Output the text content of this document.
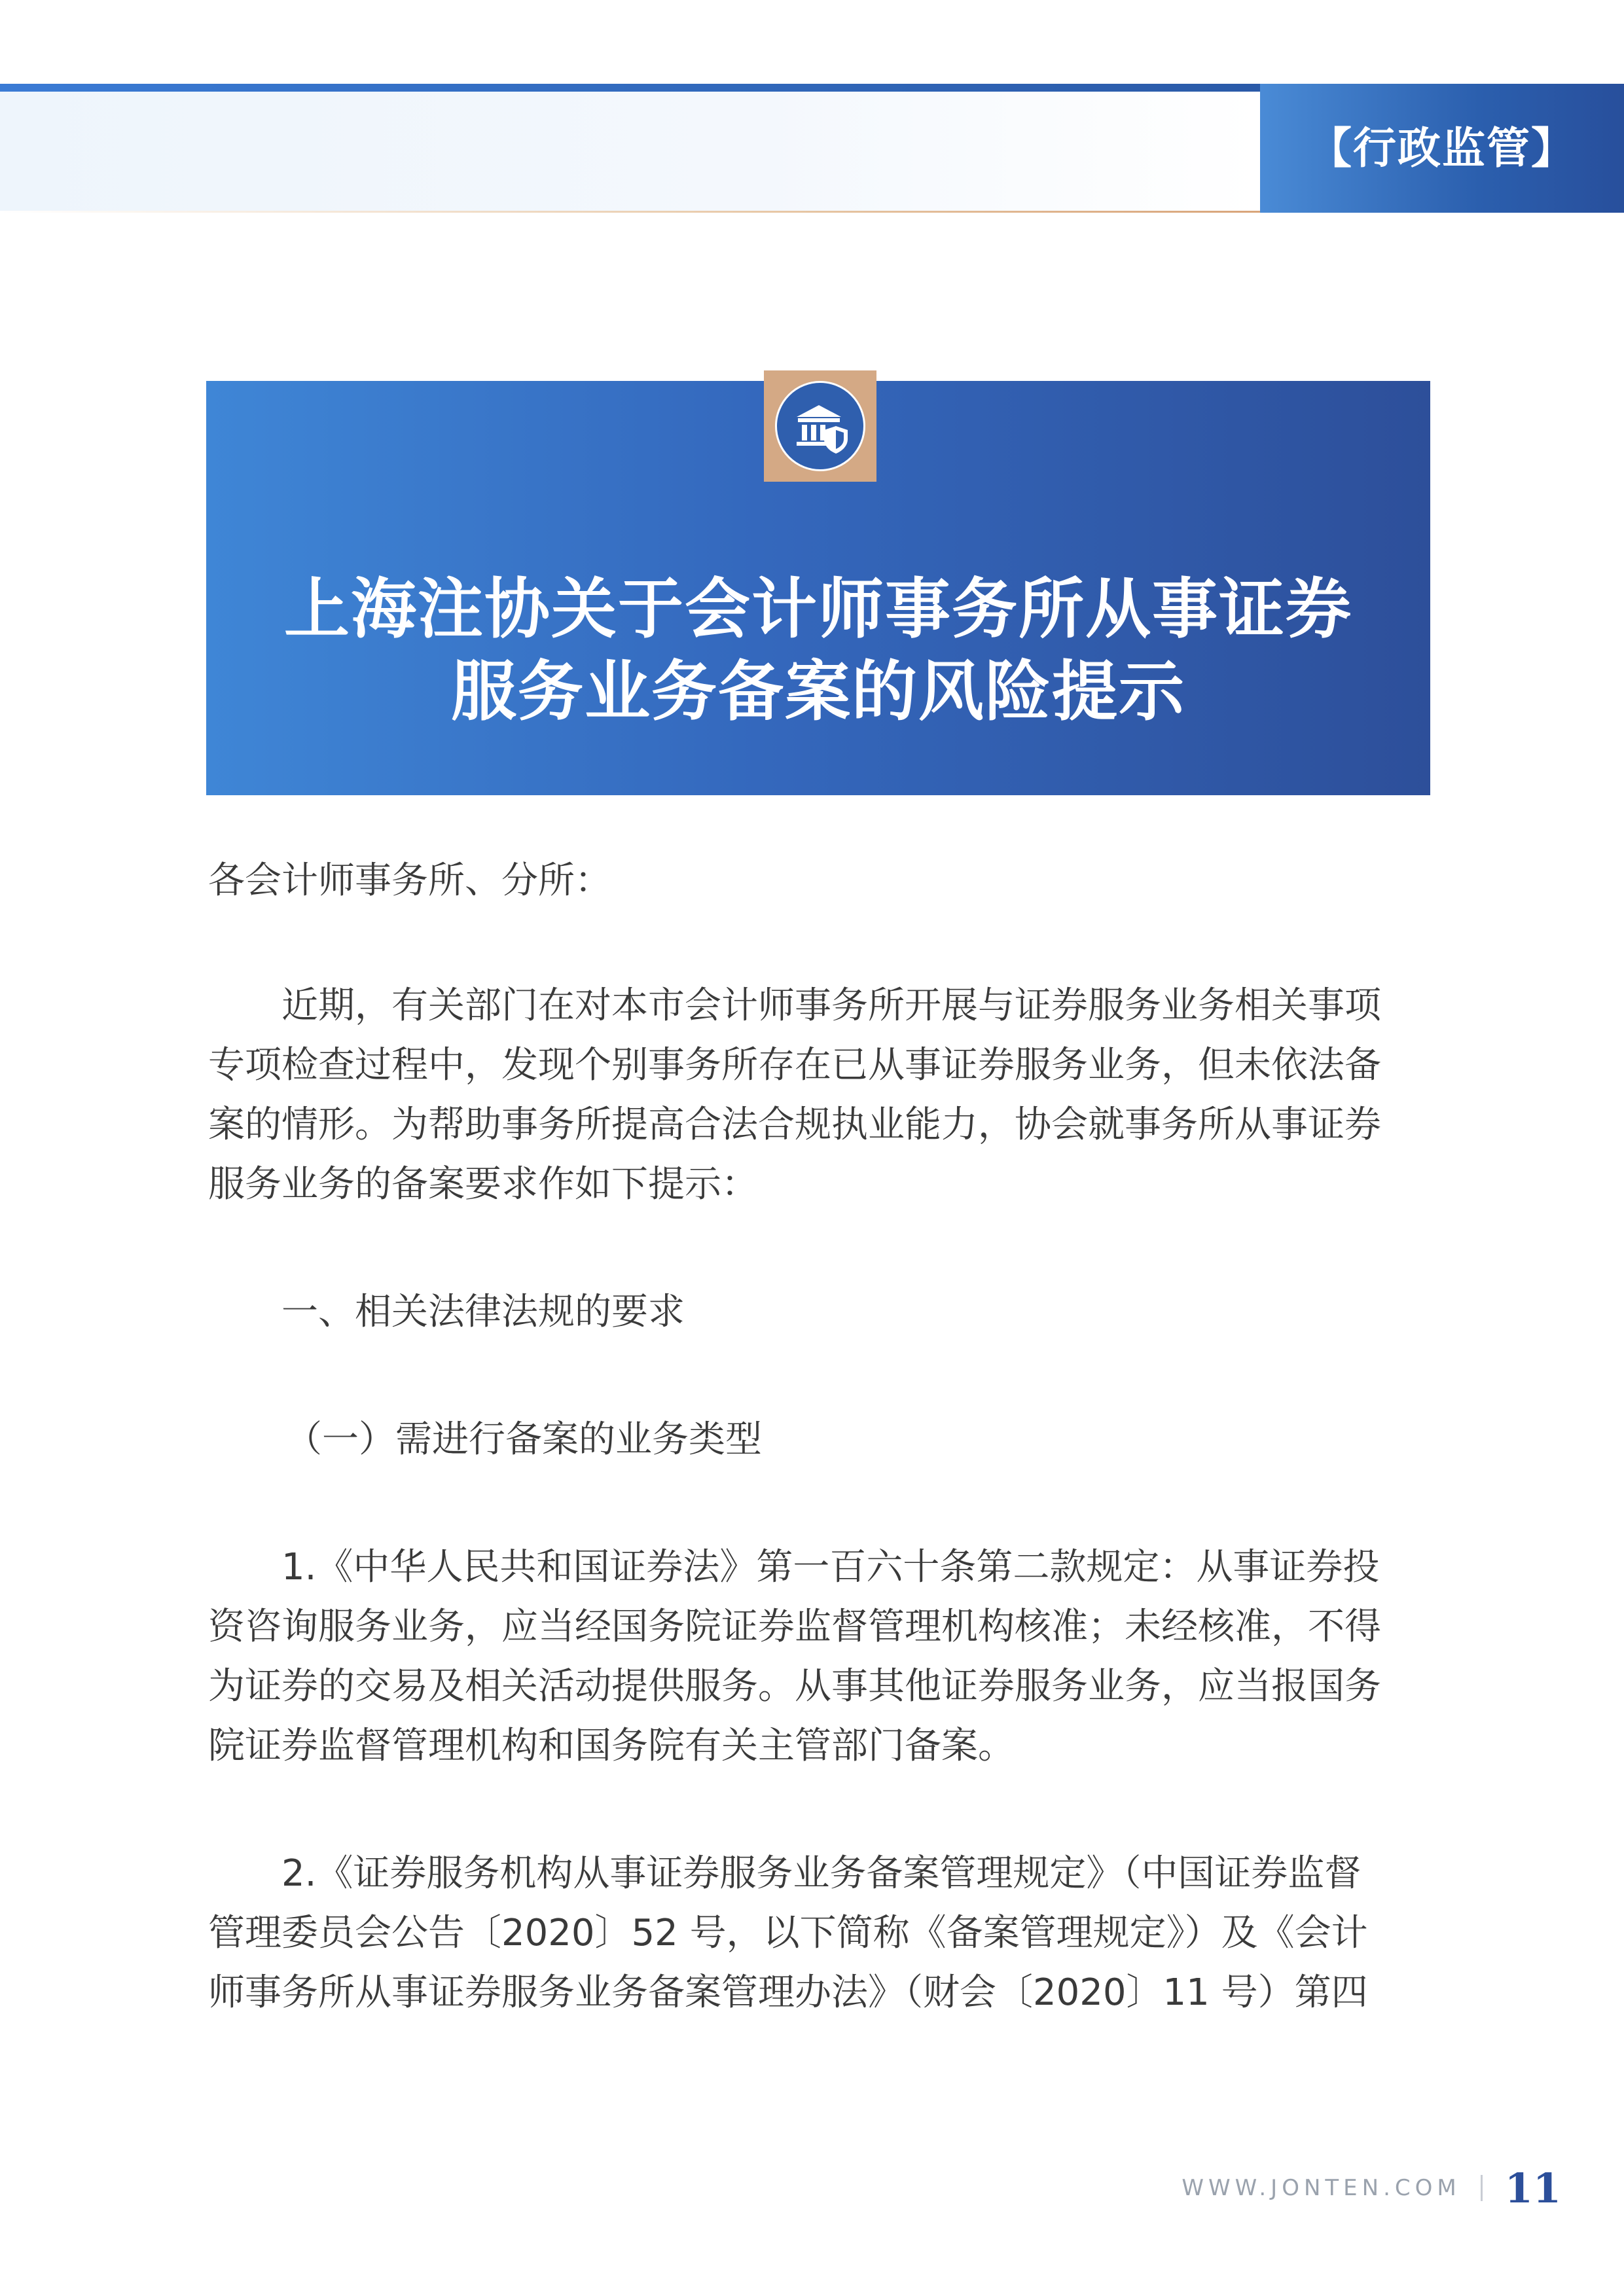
【行政监管】
上海注协关于会计师事务所从事证券
服务业务备案的风险提示

各会计师事务所、分所：

近期，有关部门在对本市会计师事务所开展与证券服务业务相关事项

专项检查过程中，发现个别事务所存在已从事证券服务业务，但未依法备

案的情形。为帮助事务所提高合法合规执业能力，协会就事务所从事证券

服务业务的备案要求作如下提示：

一、相关法律法规的要求

（一）需进行备案的业务类型

1.《中华人民共和国证券法》第一百六十条第二款规定：从事证券投

资咨询服务业务，应当经国务院证券监督管理机构核准；未经核准，不得

为证券的交易及相关活动提供服务。从事其他证券服务业务，应当报国务

院证券监督管理机构和国务院有关主管部门备案。

2.《证券服务机构从事证券服务业务备案管理规定》（中国证券监督

管理委员会公告〔2020〕52 号，以下简称《备案管理规定》）及《会计

师事务所从事证券服务业务备案管理办法》（财会〔2020〕11 号）第四

WWW.JONTEN.COM 11
